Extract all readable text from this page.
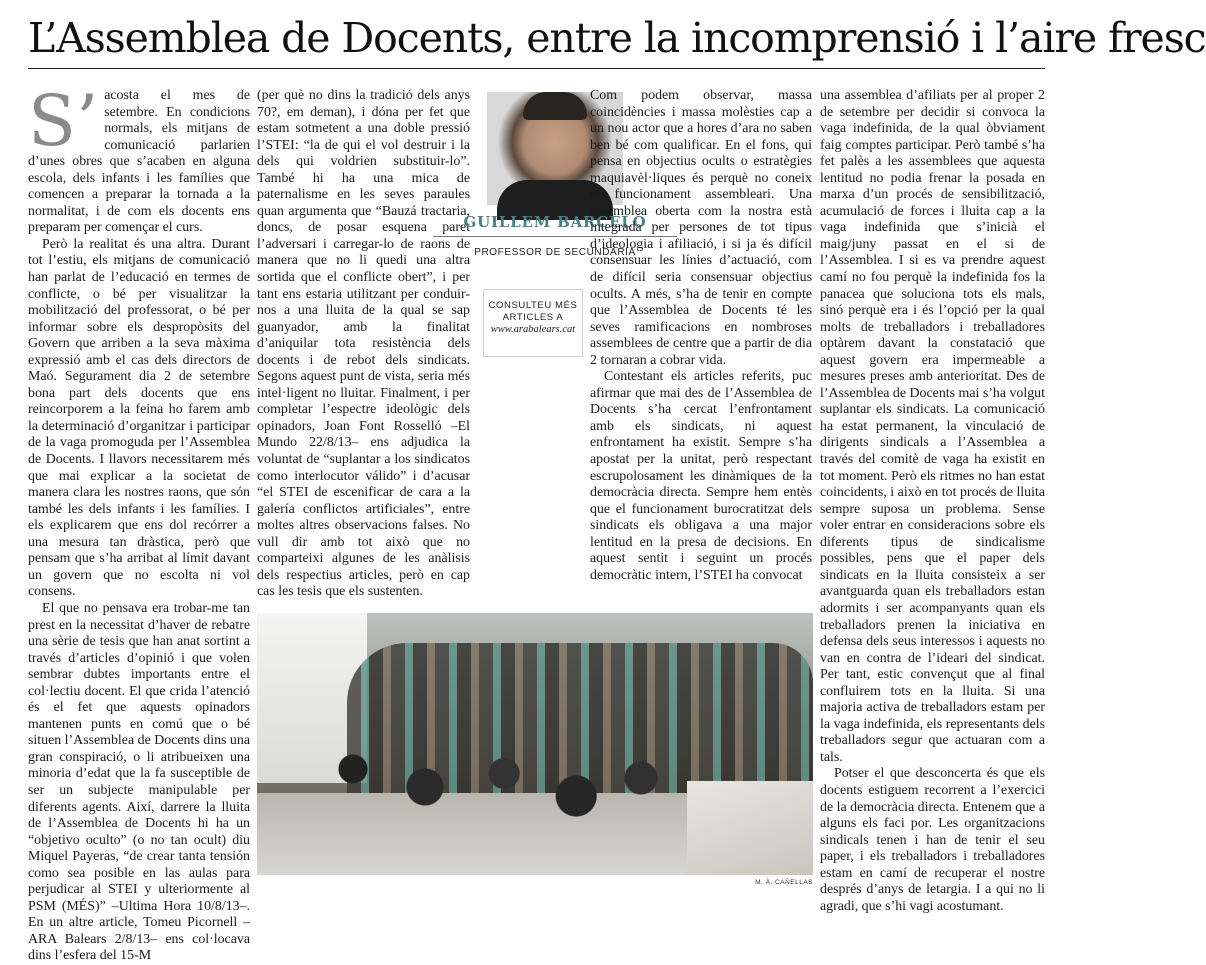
L’Assemblea de Docents, entre la incomprensió i l’aire fresc
S’ acosta el mes de setembre. En condicions normals, els mitjans de comunicació parlarien d’unes obres que s’acaben en alguna escola, dels infants i les famílies que comencen a preparar la tornada a la normalitat, i de com els docents ens preparam per començar el curs.

Però la realitat és una altra. Durant tot l’estiu, els mitjans de comunicació han parlat de l’educació en termes de conflicte, o bé per visualitzar la mobilització del professorat, o bé per informar sobre els despropòsits del Govern que arriben a la seva màxima expressió amb el cas dels directors de Maó. Segurament dia 2 de setembre bona part dels docents que ens reincorporem a la feina ho farem amb la determinació d’organitzar i participar de la vaga promoguda per l’Assemblea de Docents. I llavors necessitarem més que mai explicar a la societat de manera clara les nostres raons, que són també les dels infants i les famílies. I els explicarem que ens dol recórrer a una mesura tan dràstica, però que pensam que s’ha arribat al límit davant un govern que no escolta ni vol consens.

El que no pensava era trobar-me tan prest en la necessitat d’haver de rebatre una sèrie de tesis que han anat sortint a través d’articles d’opinió i que volen sembrar dubtes importants entre el col·lectiu docent. El que crida l’atenció és el fet que aquests opinadors mantenen punts en comú que o bé situen l’Assemblea de Docents dins una gran conspiració, o li atribueixen una minoria d’edat que la fa susceptible de ser un subjecte manipulable per diferents agents. Així, darrere la lluita de l’Assemblea de Docents hi ha un “objetivo oculto” (o no tan ocult) diu Miquel Payeras, “de crear tanta tensión como sea posible en las aulas para perjudicar al STEI y ulteriormente al PSM (MÉS)” –Ultima Hora 10/8/13–. En un altre article, Tomeu Picornell –ARA Balears 2/8/13– ens col·locava dins l’esfera del 15-M

(per què no dins la tradició dels anys 70?, em deman), i dóna per fet que estam sotmetent a una doble pressió l’STEI: “la de qui el vol destruir i la dels qui voldrien substituir-lo”. També hi ha una mica de paternalisme en les seves paraules quan argumenta que “Bauzá tractaria, doncs, de posar esquena paret l’adversari i carregar-lo de raons de manera que no li quedi una altra sortida que el conflicte obert”, i per tant ens estaria utilitzant per conduir-nos a una lluita de la qual se sap guanyador, amb la finalitat d’aniquilar tota resistència dels docents i de rebot dels sindicats. Segons aquest punt de vista, seria més intel·ligent no lluitar. Finalment, i per completar l’espectre ideològic dels opinadors, Joan Font Rosselló –El Mundo 22/8/13– ens adjudica la voluntat de “suplantar a los sindicatos como interlocutor válido” i d’acusar “el STEI de escenificar de cara a la galería conflictos artificiales”, entre moltes altres observacions falses. No vull dir amb tot això que no comparteixi algunes de les anàlisis dels respectius articles, però en cap cas les tesis que els sustenten.

GUILLEM BARCELÓ

PROFESSOR DE SECUNDÀRIA

CONSULTEU MÉS
ARTICLES A
www.arabalears.cat

Com podem observar, massa coincidències i massa molèsties cap a un nou actor que a hores d’ara no saben ben bé com qualificar. En el fons, qui pensa en objectius ocults o estratègies maquiavèl·liques és perquè no coneix el funcionament assembleari. Una assemblea oberta com la nostra està integrada per persones de tot tipus d’ideologia i afiliació, i si ja és difícil consensuar les línies d’actuació, com de difícil seria consensuar objectius ocults. A més, s’ha de tenir en compte que l’Assemblea de Docents té les seves ramificacions en nombroses assemblees de centre que a partir de dia 2 tornaran a cobrar vida.

Contestant els articles referits, puc afirmar que mai des de l’Assemblea de Docents s’ha cercat l’enfrontament amb els sindicats, ni aquest enfrontament ha existit. Sempre s’ha apostat per la unitat, però respectant escrupolosament les dinàmiques de la democràcia directa. Sempre hem entès que el funcionament burocratitzat dels sindicats els obligava a una major lentitud en la presa de decisions. En aquest sentit i seguint un procés democràtic intern, l’STEI ha convocat

una assemblea d’afiliats per al proper 2 de setembre per decidir si convoca la vaga indefinida, de la qual òbviament faig comptes participar. Però també s’ha fet palès a les assemblees que aquesta lentitud no podia frenar la posada en marxa d’un procés de sensibilització, acumulació de forces i lluita cap a la vaga indefinida que s’inicià el maig/juny passat en el si de l’Assemblea. I si es va prendre aquest camí no fou perquè la indefinida fos la panacea que soluciona tots els mals, sinó perquè era i és l’opció per la qual molts de treballadors i treballadores optàrem davant la constatació que aquest govern era impermeable a mesures preses amb anterioritat. Des de l’Assemblea de Docents mai s’ha volgut suplantar els sindicats. La comunicació ha estat permanent, la vinculació de dirigents sindicals a l’Assemblea a través del comitè de vaga ha existit en tot moment. Però els ritmes no han estat coincidents, i això en tot procés de lluita sempre suposa un problema. Sense voler entrar en consideracions sobre els diferents tipus de sindicalisme possibles, pens que el paper dels sindicats en la lluita consisteix a ser avantguarda quan els treballadors estan adormits i ser acompanyants quan els treballadors prenen la iniciativa en defensa dels seus interessos i aquests no van en contra de l’ideari del sindicat. Per tant, estic convençut que al final confluirem tots en la lluita. Si una majoria activa de treballadors estam per la vaga indefinida, els representants dels treballadors segur que actuaran com a tals.

Potser el que desconcerta és que els docents estiguem recorrent a l’exercici de la democràcia directa. Entenem que a alguns els faci por. Les organitzacions sindicals tenen i han de tenir el seu paper, i els treballadors i treballadores estam en camí de recuperar el nostre després d’anys de letargia. I a qui no li agradi, que s’hi vagi acostumant.

M. À. CAÑELLAS
